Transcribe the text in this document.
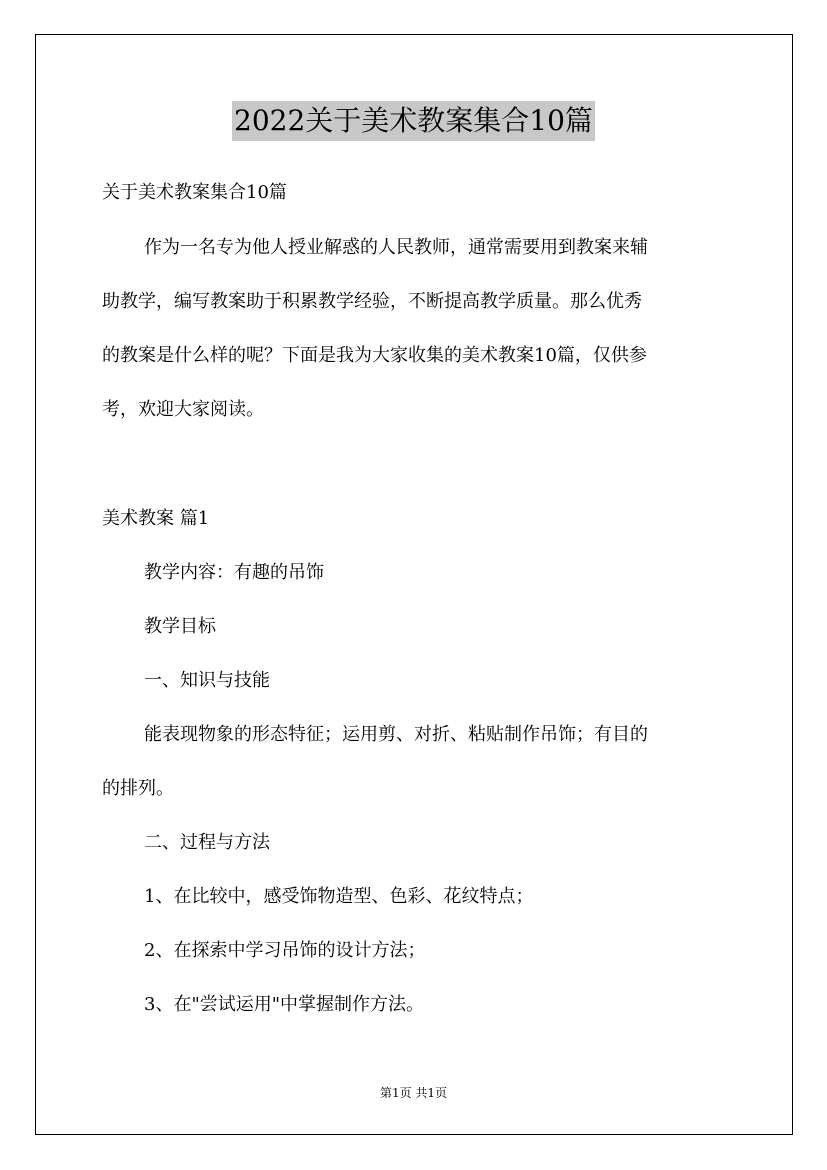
2022关于美术教案集合10篇
关于美术教案集合10篇
作为一名专为他人授业解惑的人民教师，通常需要用到教案来辅
助教学，编写教案助于积累教学经验，不断提高教学质量。那么优秀
的教案是什么样的呢？下面是我为大家收集的美术教案10篇，仅供参
考，欢迎大家阅读。
美术教案 篇1
教学内容：有趣的吊饰
教学目标
一、知识与技能
能表现物象的形态特征；运用剪、对折、粘贴制作吊饰；有目的
的排列。
二、过程与方法
1、在比较中，感受饰物造型、色彩、花纹特点；
2、在探索中学习吊饰的设计方法；
3、在"尝试运用"中掌握制作方法。
第1页 共1页
